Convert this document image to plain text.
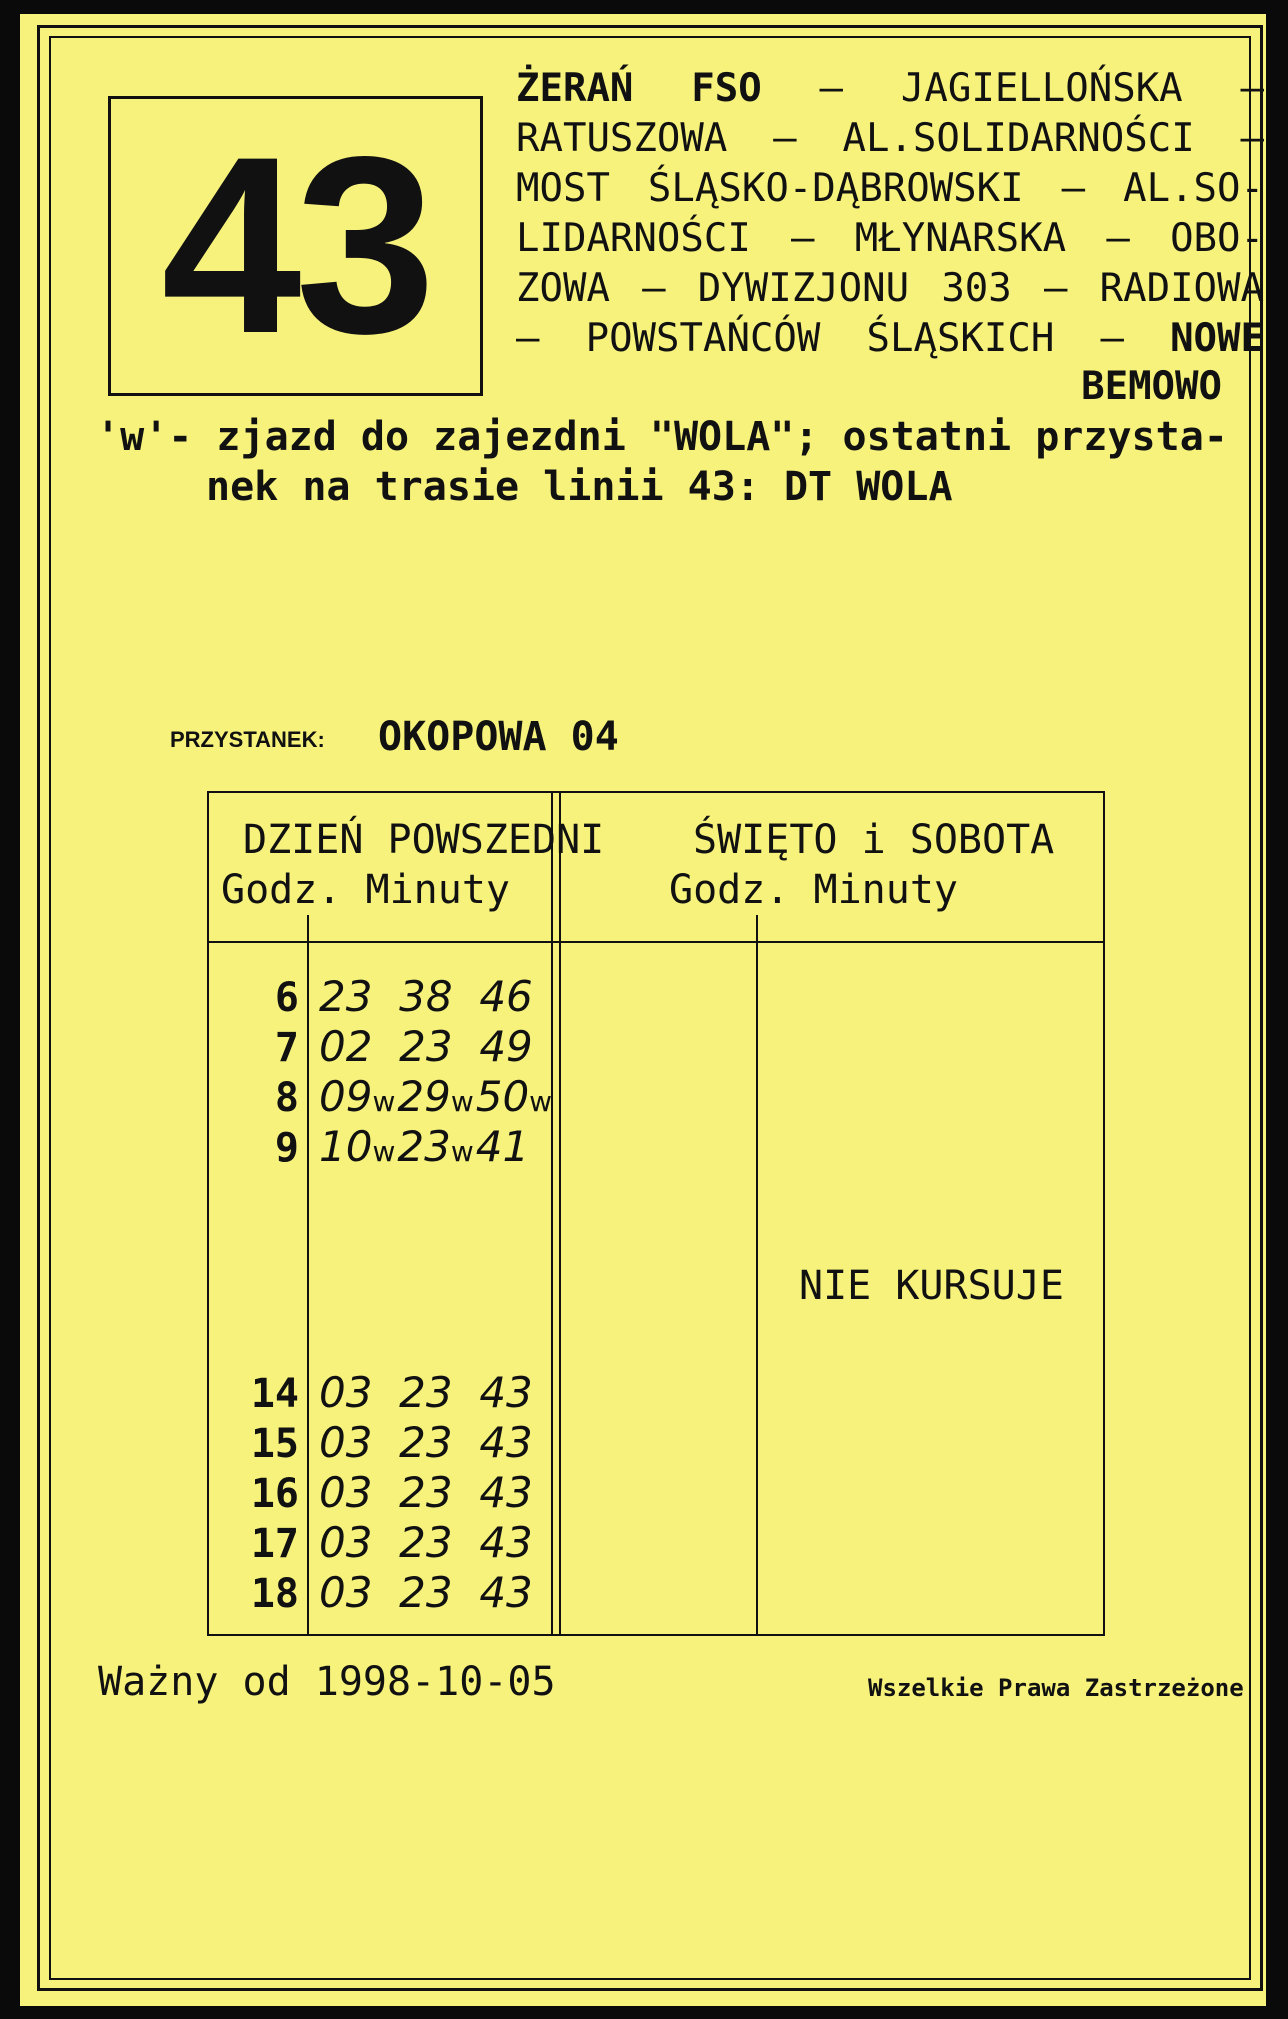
43
ŻERAŃ FSO – JAGIELLOŃSKA –
RATUSZOWA – AL.SOLIDARNOŚCI –
MOST ŚLĄSKO-DĄBROWSKI – AL.SO-
LIDARNOŚCI – MŁYNARSKA – OBO-
ZOWA – DYWIZJONU 303 – RADIOWA
– POWSTAŃCÓW ŚLĄSKICH – NOWE
BEMOWO
'w'- zjazd do zajezdni "WOLA"; ostatni przysta-
nek na trasie linii 43: DT WOLA
PRZYSTANEK: OKOPOWA 04
DZIEŃ POWSZEDNI
Godz. Minuty
ŚWIĘTO i SOBOTA
Godz. Minuty
6 23 38 46
7 02 23 49
8 09w29w50w
9 10w23w41
14 03 23 43
15 03 23 43
16 03 23 43
17 03 23 43
18 03 23 43
NIE KURSUJE
Ważny od 1998-10-05	Wszelkie Prawa Zastrzeżone
